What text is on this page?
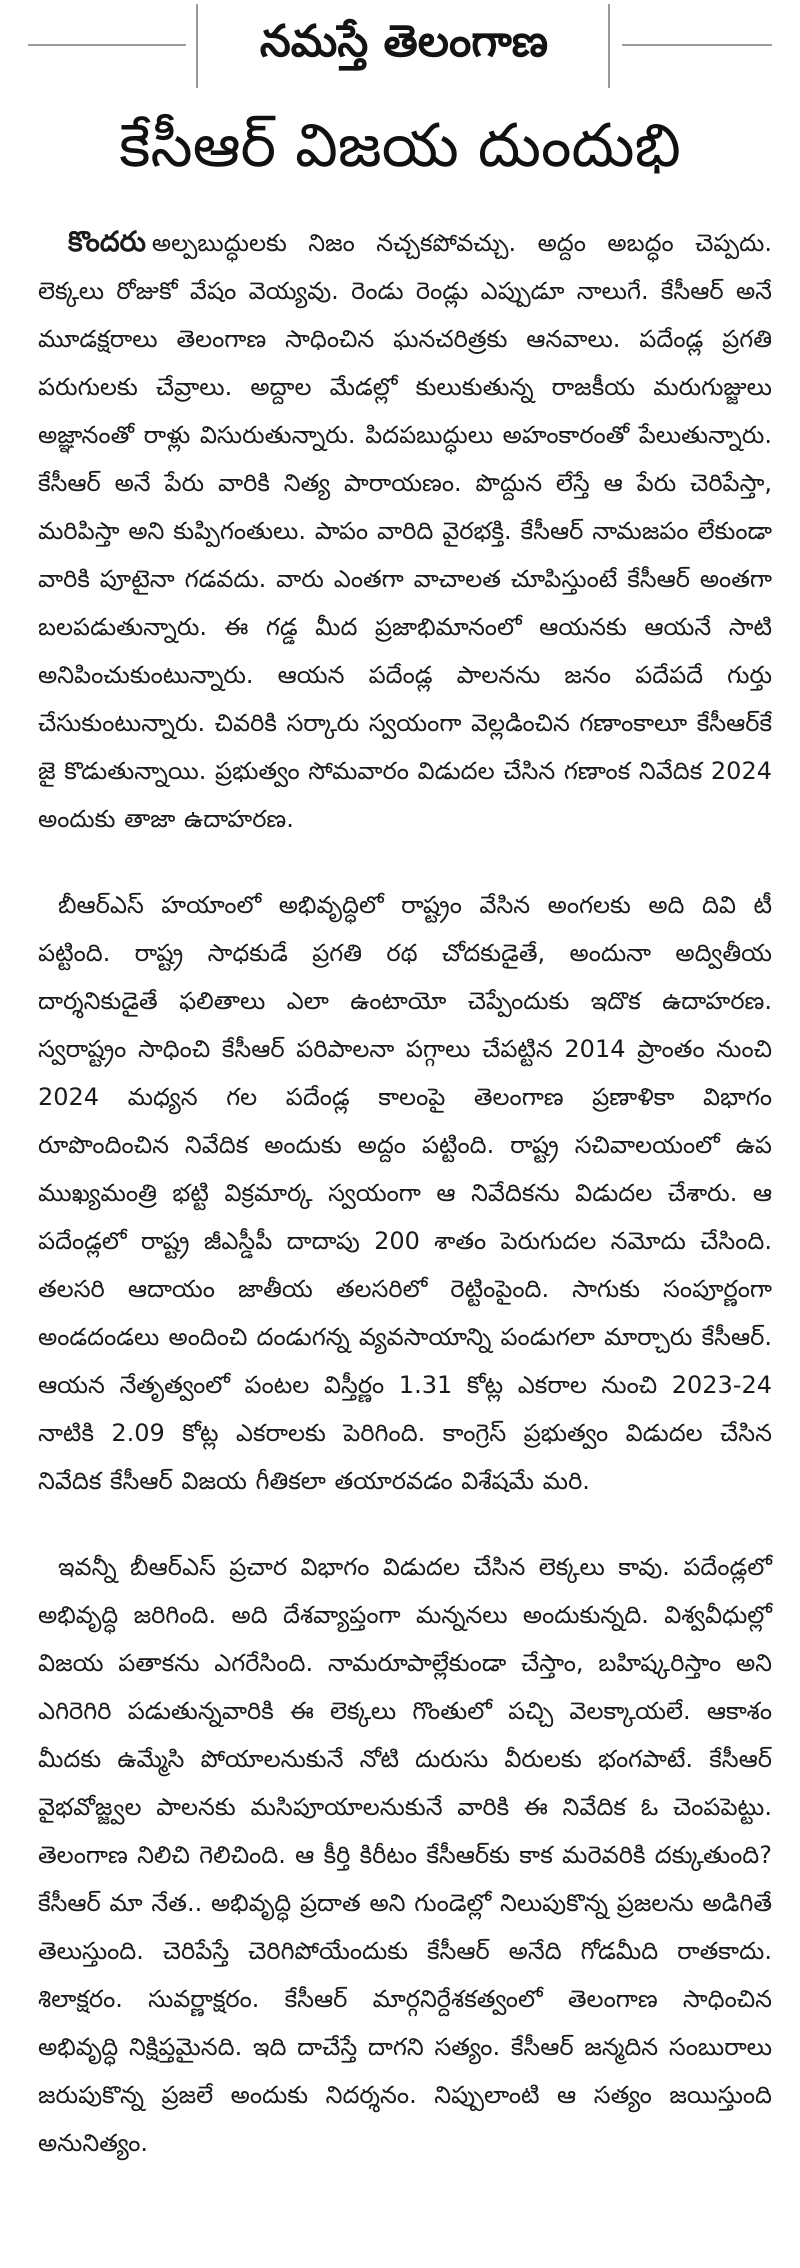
నమస్తే తెలంగాణ
కేసీఆర్ విజయ దుందుభి

కొందరు అల్పబుద్ధులకు నిజం నచ్చకపోవచ్చు. అద్దం అబద్ధం చెప్పదు. లెక్కలు రోజుకో వేషం వెయ్యవు. రెండు రెండ్లు ఎప్పుడూ నాలుగే. కేసీఆర్ అనే మూడక్షరాలు తెలంగాణ సాధించిన ఘనచరిత్రకు ఆనవాలు. పదేండ్ల ప్రగతి పరుగులకు చేవ్రాలు. అద్దాల మేడల్లో కులుకుతున్న రాజకీయ మరుగుజ్జులు అజ్ఞానంతో రాళ్లు విసురుతున్నారు. పిదపబుద్ధులు అహంకారంతో పేలుతున్నారు. కేసీఆర్ అనే పేరు వారికి నిత్య పారాయణం. పొద్దున లేస్తే ఆ పేరు చెరిపేస్తా, మరిపిస్తా అని కుప్పిగంతులు. పాపం వారిది వైరభక్తి. కేసీఆర్ నామజపం లేకుండా వారికి పూటైనా గడవదు. వారు ఎంతగా వాచాలత చూపిస్తుంటే కేసీఆర్ అంతగా బలపడుతున్నారు. ఈ గడ్డ మీద ప్రజాభిమానంలో ఆయనకు ఆయనే సాటి అనిపించుకుంటున్నారు. ఆయన పదేండ్ల పాలనను జనం పదేపదే గుర్తు చేసుకుంటున్నారు. చివరికి సర్కారు స్వయంగా వెల్లడించిన గణాంకాలూ కేసీఆర్‌కే జై కొడుతున్నాయి. ప్రభుత్వం సోమవారం విడుదల చేసిన గణాంక నివేదిక 2024 అందుకు తాజా ఉదాహరణ.

బీఆర్ఎస్ హయాంలో అభివృద్ధిలో రాష్ట్రం వేసిన అంగలకు అది దివి టీ పట్టింది. రాష్ట్ర సాధకుడే ప్రగతి రథ చోదకుడైతే, అందునా అద్వితీయ దార్శనికుడైతే ఫలితాలు ఎలా ఉంటాయో చెప్పేందుకు ఇదొక ఉదాహరణ. స్వరాష్ట్రం సాధించి కేసీఆర్ పరిపాలనా పగ్గాలు చేపట్టిన 2014 ప్రాంతం నుంచి 2024 మధ్యన గల పదేండ్ల కాలంపై తెలంగాణ ప్రణాళికా విభాగం రూపొందించిన నివేదిక అందుకు అద్దం పట్టింది. రాష్ట్ర సచివాలయంలో ఉప ముఖ్యమంత్రి భట్టి విక్రమార్క స్వయంగా ఆ నివేదికను విడుదల చేశారు. ఆ పదేండ్లలో రాష్ట్ర జీఎస్డీపీ దాదాపు 200 శాతం పెరుగుదల నమోదు చేసింది. తలసరి ఆదాయం జాతీయ తలసరిలో రెట్టింపైంది. సాగుకు సంపూర్ణంగా అండదండలు అందించి దండుగన్న వ్యవసాయాన్ని పండుగలా మార్చారు కేసీఆర్. ఆయన నేతృత్వంలో పంటల విస్తీర్ణం 1.31 కోట్ల ఎకరాల నుంచి 2023-24 నాటికి 2.09 కోట్ల ఎకరాలకు పెరిగింది. కాంగ్రెస్ ప్రభుత్వం విడుదల చేసిన నివేదిక కేసీఆర్ విజయ గీతికలా తయారవడం విశేషమే మరి.

ఇవన్నీ బీఆర్ఎస్ ప్రచార విభాగం విడుదల చేసిన లెక్కలు కావు. పదేండ్లలో అభివృద్ధి జరిగింది. అది దేశవ్యాప్తంగా మన్ననలు అందుకున్నది. విశ్వవీధుల్లో విజయ పతాకను ఎగరేసింది. నామరూపాల్లేకుండా చేస్తాం, బహిష్కరిస్తాం అని ఎగిరెగిరి పడుతున్నవారికి ఈ లెక్కలు గొంతులో పచ్చి వెలక్కాయలే. ఆకాశం మీదకు ఉమ్మేసి పోయాలనుకునే నోటి దురుసు వీరులకు భంగపాటే. కేసీఆర్ వైభవోజ్జ్వల పాలనకు మసిపూయాలనుకునే వారికి ఈ నివేదిక ఓ చెంపపెట్టు. తెలంగాణ నిలిచి గెలిచింది. ఆ కీర్తి కిరీటం కేసీఆర్‌కు కాక మరెవరికి దక్కుతుంది? కేసీఆర్ మా నేత.. అభివృద్ధి ప్రదాత అని గుండెల్లో నిలుపుకొన్న ప్రజలను అడిగితే తెలుస్తుంది. చెరిపేస్తే చెరిగిపోయేందుకు కేసీఆర్ అనేది గోడమీది రాతకాదు. శిలాక్షరం. సువర్ణాక్షరం. కేసీఆర్ మార్గనిర్దేశకత్వంలో తెలంగాణ సాధించిన అభివృద్ధి నిక్షిప్తమైనది. ఇది దాచేస్తే దాగని సత్యం. కేసీఆర్ జన్మదిన సంబురాలు జరుపుకొన్న ప్రజలే అందుకు నిదర్శనం. నిప్పులాంటి ఆ సత్యం జయిస్తుంది అనునిత్యం.
